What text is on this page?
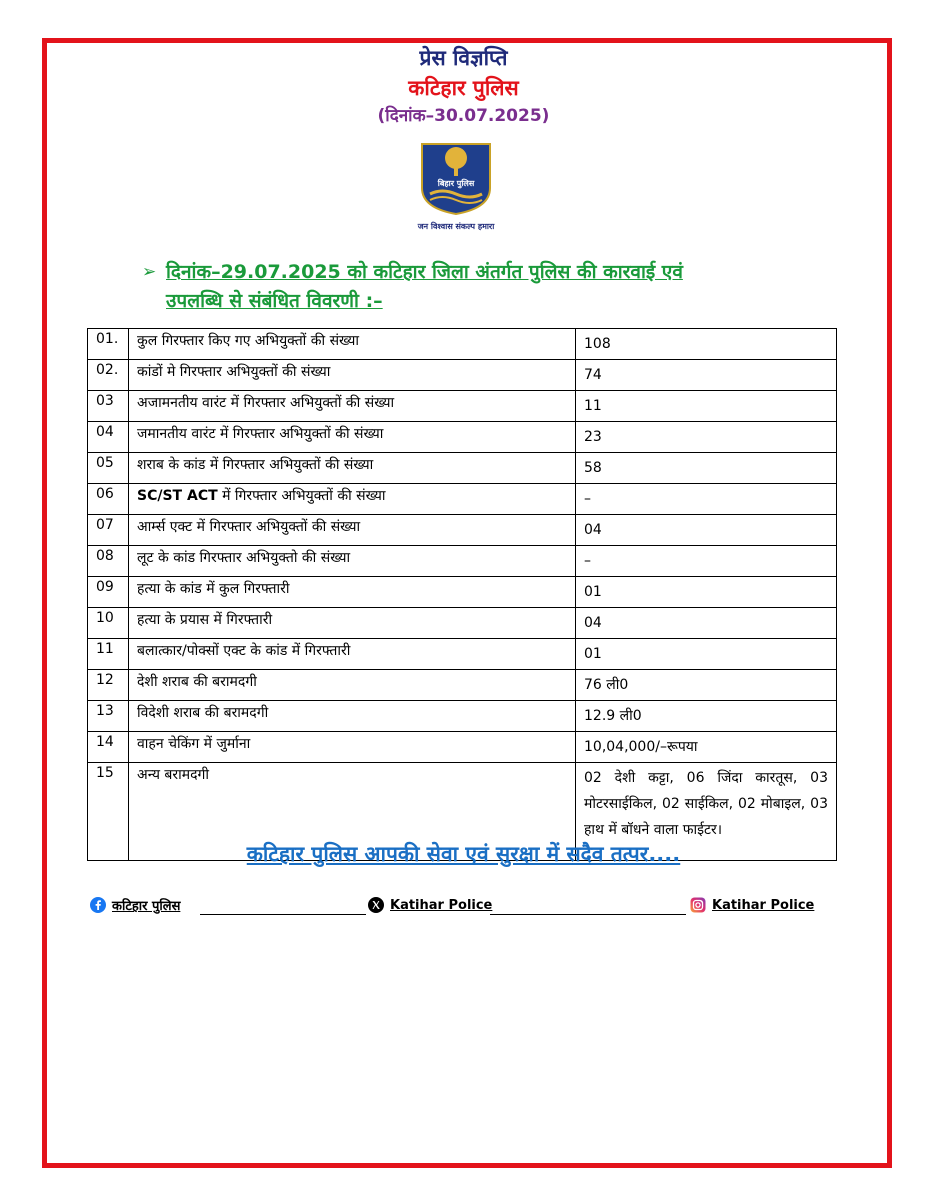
प्रेस विज्ञप्ति
कटिहार पुलिस
(दिनांक–30.07.2025)
बिहार पुलिस
जन विश्वास संकल्प हमारा
➢ दिनांक–29.07.2025 को कटिहार जिला अंतर्गत पुलिस की कारवाई एवं
उपलब्धि से संबंधित विवरणी :–
01.	कुल गिरफ्तार किए गए अभियुक्तों की संख्या	108
02.	कांडों मे गिरफ्तार अभियुक्तों की संख्या	74
03	अजामनतीय वारंट में गिरफ्तार अभियुक्तों की संख्या	11
04	जमानतीय वारंट में गिरफ्तार अभियुक्तों की संख्या	23
05	शराब के कांड में गिरफ्तार अभियुक्तों की संख्या	58
06	SC/ST ACT में गिरफ्तार अभियुक्तों की संख्या	–
07	आर्म्स एक्ट में गिरफ्तार अभियुक्तों की संख्या	04
08	लूट के कांड गिरफ्तार अभियुक्तो की संख्या	–
09	हत्या के कांड में कुल गिरफ्तारी	01
10	हत्या के प्रयास में गिरफ्तारी	04
11	बलात्कार/पोक्सों एक्ट के कांड में गिरफ्तारी	01
12	देशी शराब की बरामदगी	76 ली0
13	विदेशी शराब की बरामदगी	12.9 ली0
14	वाहन चेकिंग में जुर्माना	10,04,000/–रूपया
15	अन्य बरामदगी	02 देशी कट्टा, 06 जिंदा कारतूस, 03 मोटरसाईकिल, 02 साईकिल, 02 मोबाइल, 03 हाथ में बॉधने वाला फाईटर।
कटिहार पुलिस आपकी सेवा एवं सुरक्षा में सदैव तत्पर....
कटिहार पुलिस	Katihar Police	Katihar Police
